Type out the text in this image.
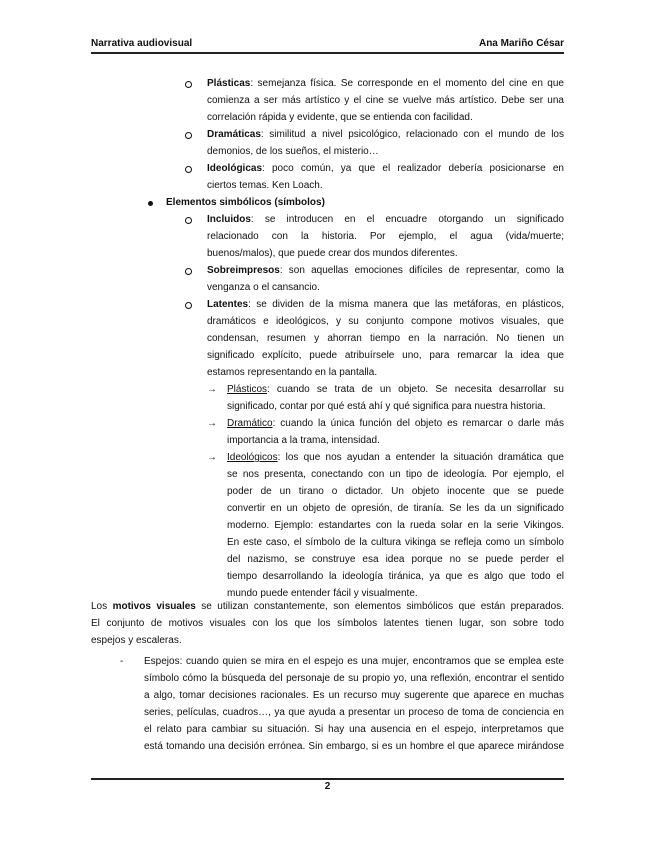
Narrativa audiovisual	Ana Mariño César
Plásticas: semejanza física. Se corresponde en el momento del cine en que
comienza a ser más artístico y el cine se vuelve más artístico. Debe ser una
correlación rápida y evidente, que se entienda con facilidad.
Dramáticas: similitud a nivel psicológico, relacionado con el mundo de los
demonios, de los sueños, el misterio…
Ideológicas: poco común, ya que el realizador debería posicionarse en
ciertos temas. Ken Loach.
Elementos simbólicos (símbolos)
Incluidos: se introducen en el encuadre otorgando un significado
relacionado con la historia. Por ejemplo, el agua (vida/muerte;
buenos/malos), que puede crear dos mundos diferentes.
Sobreimpresos: son aquellas emociones difíciles de representar, como la
venganza o el cansancio.
Latentes: se dividen de la misma manera que las metáforas, en plásticos,
dramáticos e ideológicos, y su conjunto compone motivos visuales, que
condensan, resumen y ahorran tiempo en la narración. No tienen un
significado explícito, puede atribuírsele uno, para remarcar la idea que
estamos representando en la pantalla.
→ Plásticos: cuando se trata de un objeto. Se necesita desarrollar su
significado, contar por qué está ahí y qué significa para nuestra historia.
→ Dramático: cuando la única función del objeto es remarcar o darle más
importancia a la trama, intensidad.
→ Ideológicos: los que nos ayudan a entender la situación dramática que
se nos presenta, conectando con un tipo de ideología. Por ejemplo, el
poder de un tirano o dictador. Un objeto inocente que se puede
convertir en un objeto de opresión, de tiranía. Se les da un significado
moderno. Ejemplo: estandartes con la rueda solar en la serie Vikingos.
En este caso, el símbolo de la cultura vikinga se refleja como un símbolo
del nazismo, se construye esa idea porque no se puede perder el
tiempo desarrollando la ideología tiránica, ya que es algo que todo el
mundo puede entender fácil y visualmente.
Los motivos visuales se utilizan constantemente, son elementos simbólicos que están preparados.
El conjunto de motivos visuales con los que los símbolos latentes tienen lugar, son sobre todo
espejos y escaleras.
- Espejos: cuando quien se mira en el espejo es una mujer, encontramos que se emplea este
símbolo cómo la búsqueda del personaje de su propio yo, una reflexión, encontrar el sentido
a algo, tomar decisiones racionales. Es un recurso muy sugerente que aparece en muchas
series, películas, cuadros…, ya que ayuda a presentar un proceso de toma de conciencia en
el relato para cambiar su situación. Si hay una ausencia en el espejo, interpretamos que
está tomando una decisión errónea. Sin embargo, si es un hombre el que aparece mirándose
2
